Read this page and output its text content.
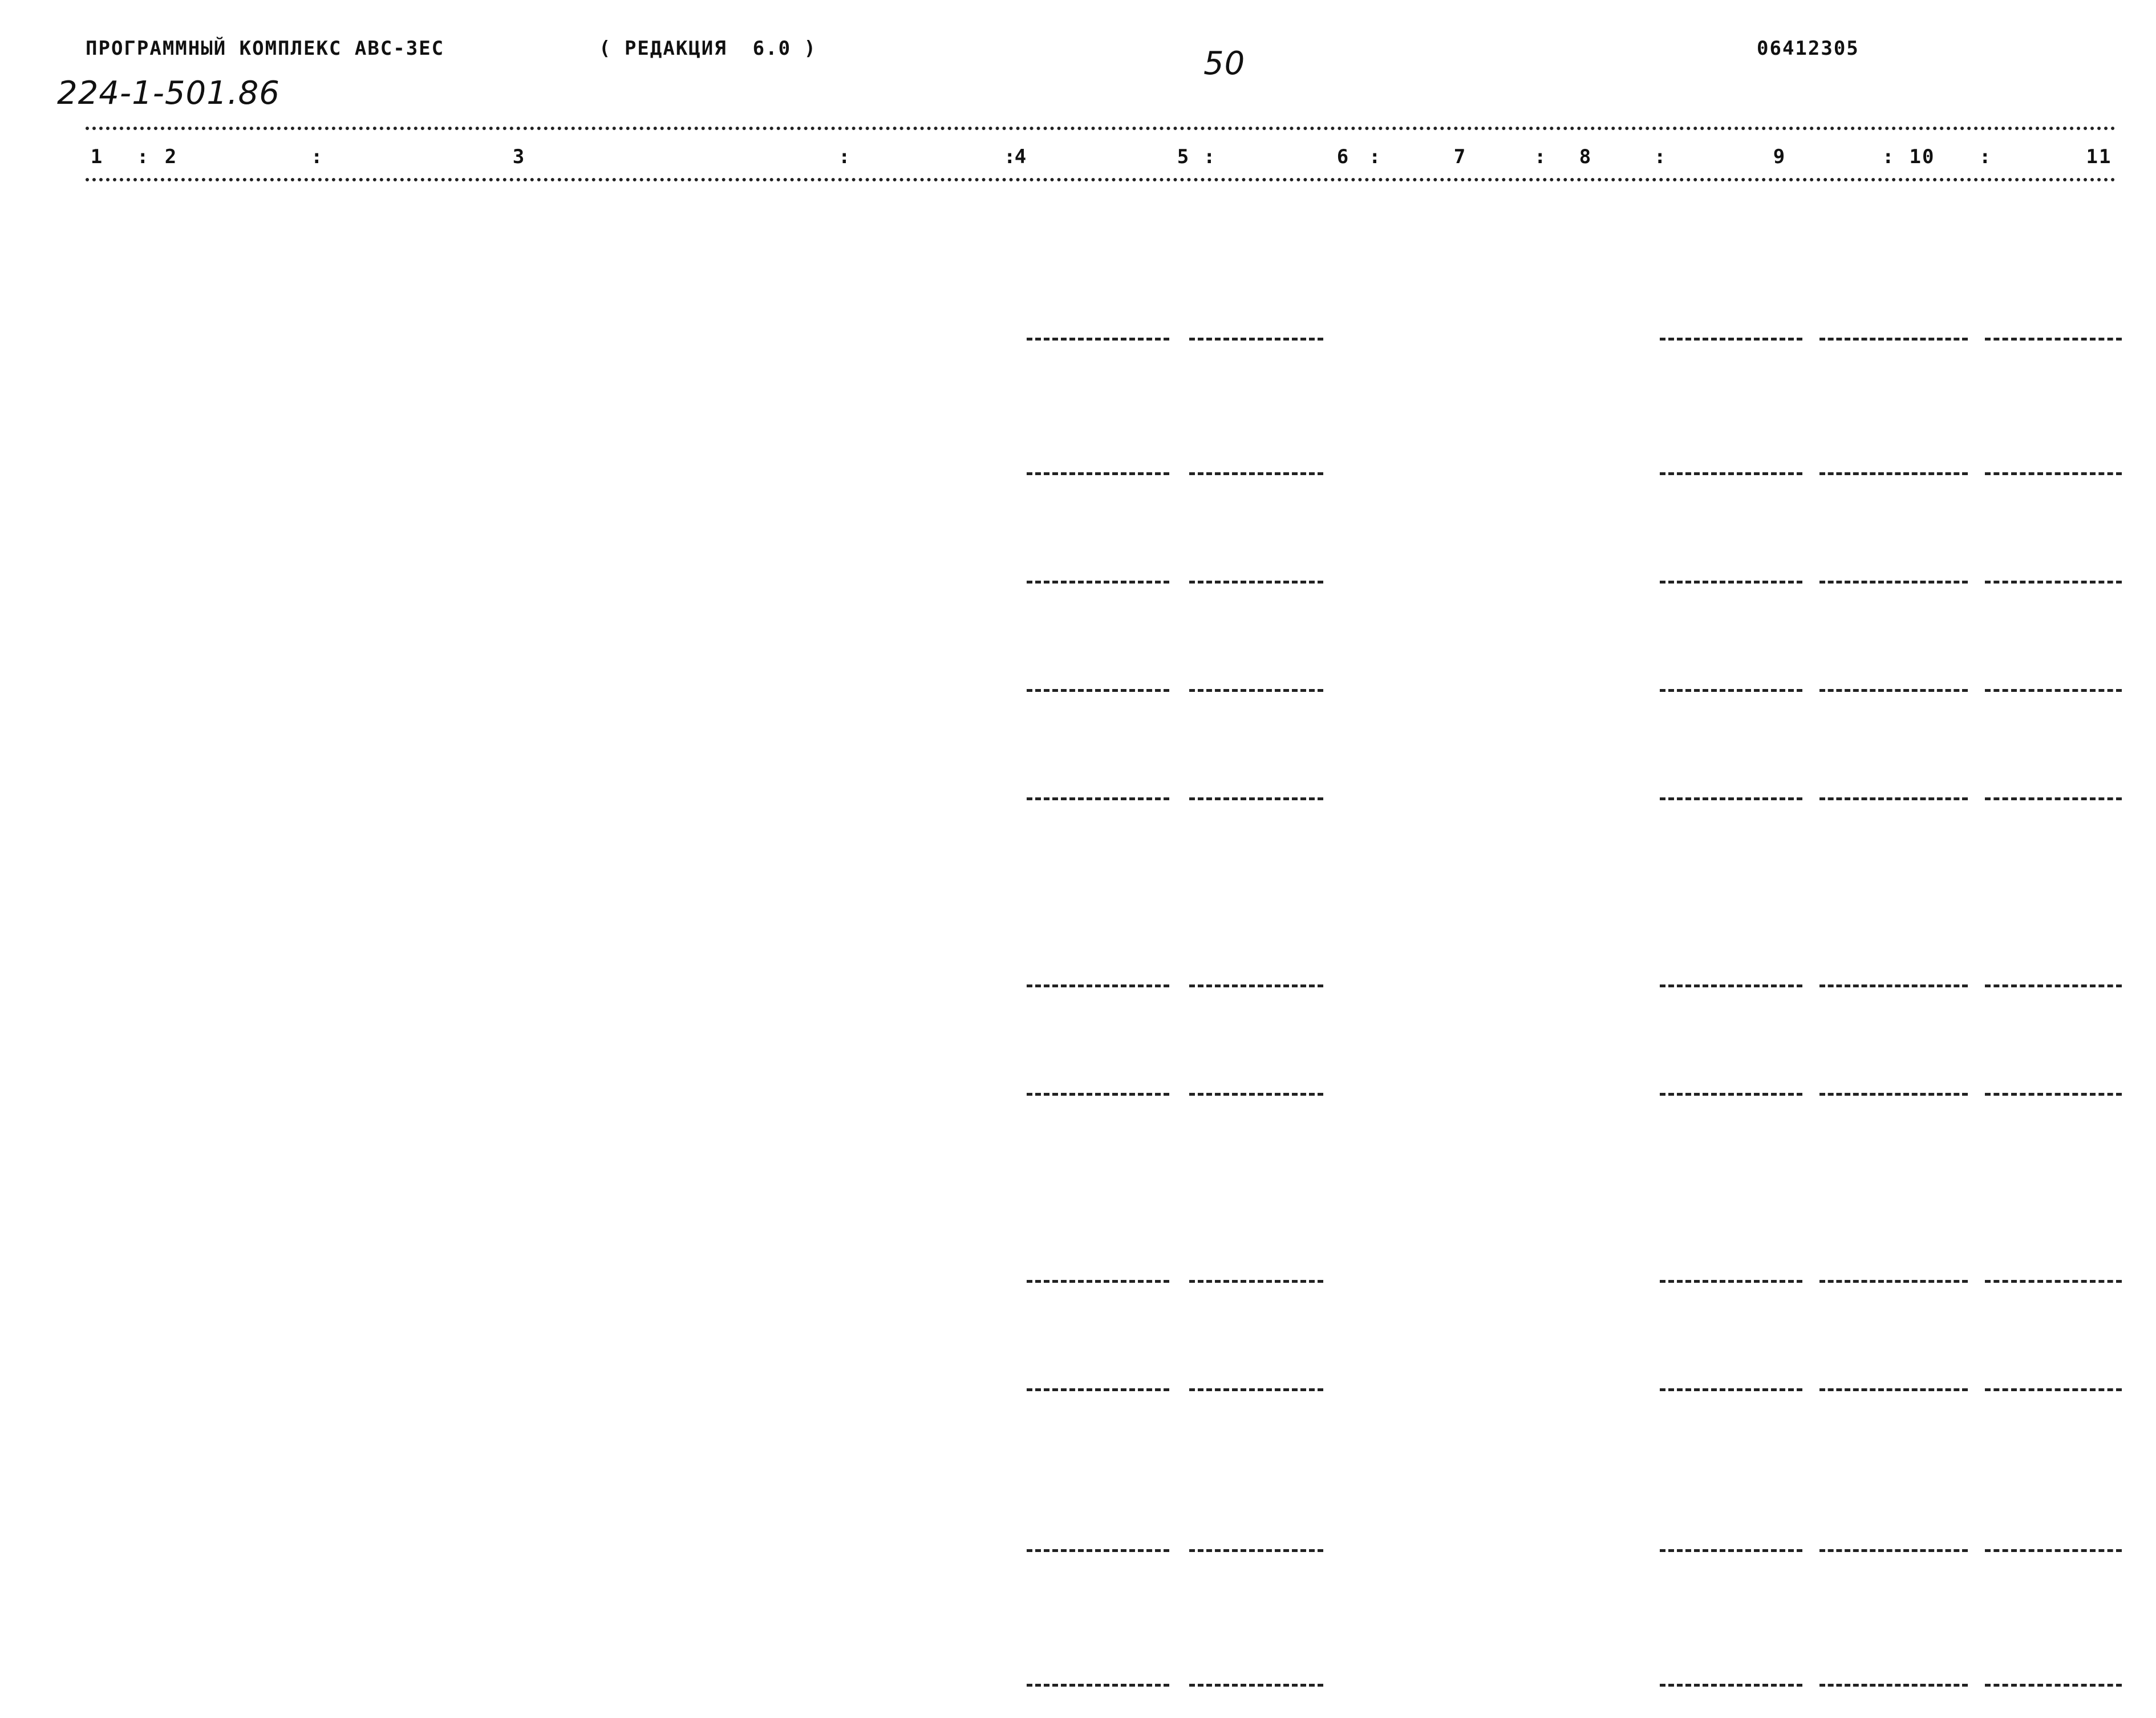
ПРОГРАММНЫЙ КОМПЛЕКС АВС-ЗЕС	( РЕДАКЦИЯ  6.0 )	50	06412305
224-1-501.86
1	2	3	4	5	6	7	8	9	10	11
:	:	:	:	:	:	:	:	:	:
